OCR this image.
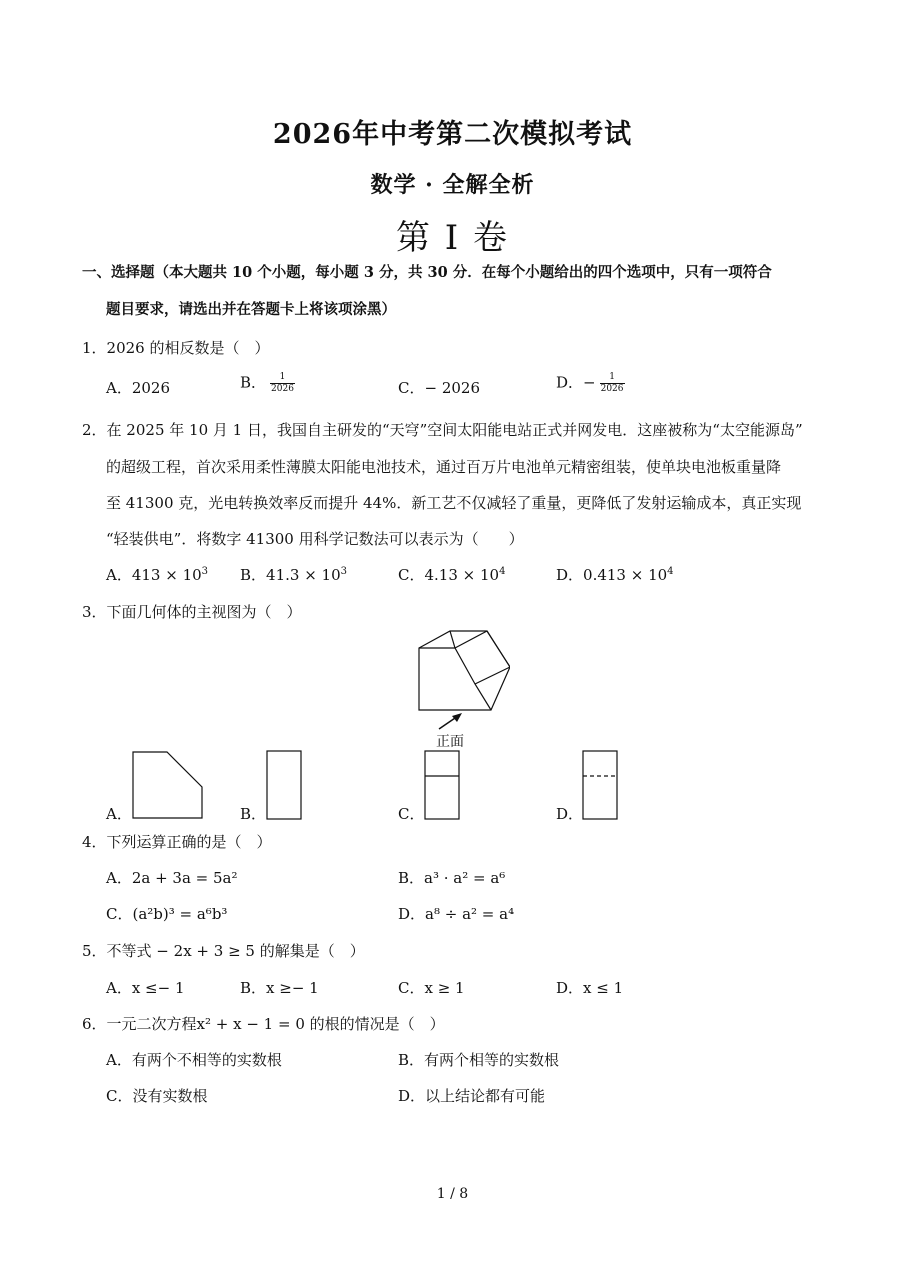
2026年中考第二次模拟考试
数学 · 全解全析
第 I 卷
一、选择题（本大题共 10 个小题，每小题 3 分，共 30 分．在每个小题给出的四个选项中，只有一项符合
题目要求，请选出并在答题卡上将该项涂黑）
1．2026 的相反数是（　）
A．2026	B． $\frac{1}{2026}$	C．− 2026	D．− $\frac{1}{2026}$
2．在 2025 年 10 月 1 日，我国自主研发的“天穹”空间太阳能电站正式并网发电．这座被称为“太空能源岛”
的超级工程，首次采用柔性薄膜太阳能电池技术，通过百万片电池单元精密组装，使单块电池板重量降
至 41300 克，光电转换效率反而提升 44%．新工艺不仅减轻了重量，更降低了发射运输成本，真正实现
“轻装供电”．将数字 41300 用科学记数法可以表示为（　　）
A．$413 \times 10^3$ B．$41.3 \times 10^3$	C．$4.13 \times 10^4$	D．$0.413 \times 10^4$
3．下面几何体的主视图为（　）
正面
A．	B．	C．	D．
4．下列运算正确的是（　）
A．2a + 3a = 5a²	B．a³ · a² = a⁶
C．(a²b)³ = a⁶b³	D．a⁸ ÷ a² = a⁴
5．不等式 − 2x + 3 ≥ 5 的解集是（　）
A．x ≤− 1	B．x ≥− 1	C．x ≥ 1	D．x ≤ 1
6．一元二次方程x² + x − 1 = 0 的根的情况是（　）
A．有两个不相等的实数根	B．有两个相等的实数根
C．没有实数根	D．以上结论都有可能
1 / 8
